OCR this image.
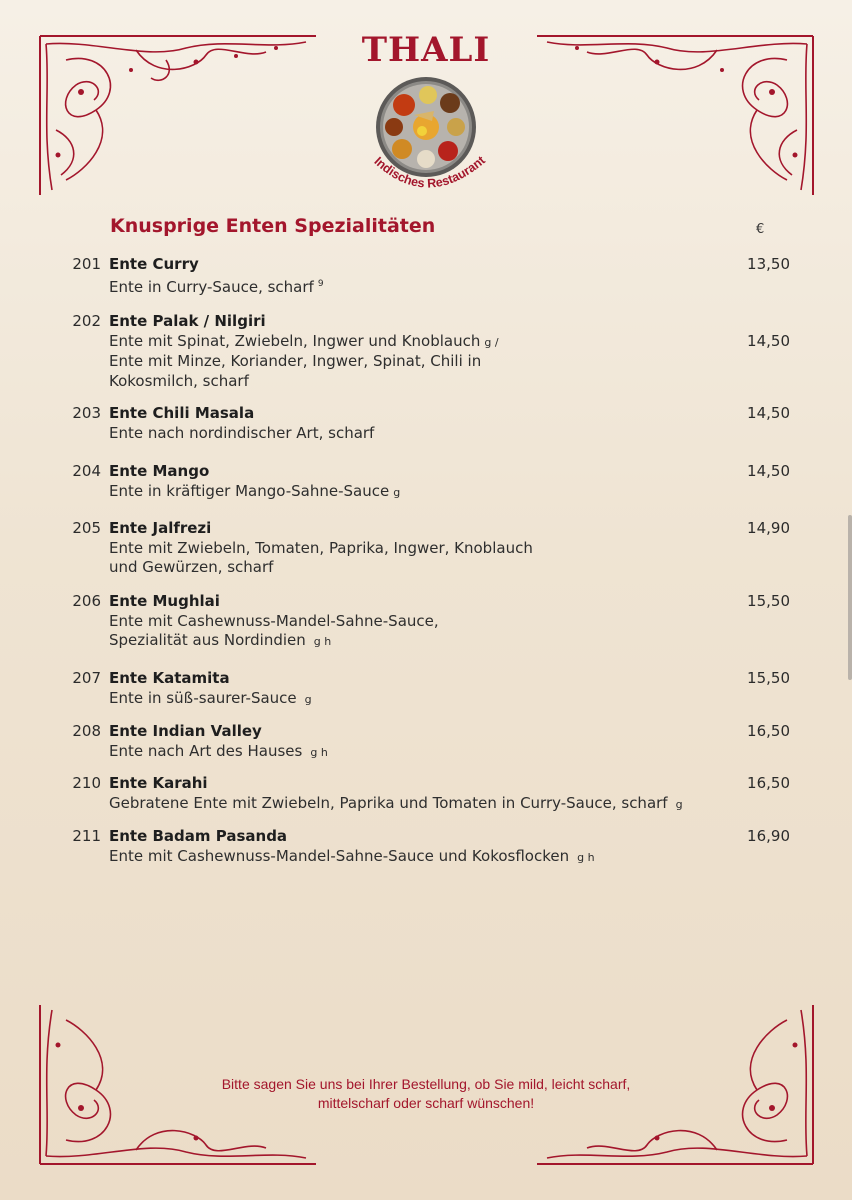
THALI
Indisches Restaurant
Knusprige Enten Spezialitäten	€
201 Ente Curry
Ente in Curry-Sauce, scharf $^9$
13,50
202 Ente Palak / Nilgiri
Ente mit Spinat, Zwiebeln, Ingwer und Knoblauch g /
Ente mit Minze, Koriander, Ingwer, Spinat, Chili in
Kokosmilch, scharf
14,50
203 Ente Chili Masala
Ente nach nordindischer Art, scharf
14,50
204 Ente Mango
Ente in kräftiger Mango-Sahne-Sauce g
14,50
205 Ente Jalfrezi
Ente mit Zwiebeln, Tomaten, Paprika, Ingwer, Knoblauch
und Gewürzen, scharf
14,90
206 Ente Mughlai
Ente mit Cashewnuss-Mandel-Sahne-Sauce,
Spezialität aus Nordindien g h
15,50
207 Ente Katamita
Ente in süß-saurer-Sauce g
15,50
208 Ente Indian Valley
Ente nach Art des Hauses g h
16,50
210 Ente Karahi
Gebratene Ente mit Zwiebeln, Paprika und Tomaten in Curry-Sauce, scharf g
16,50
211 Ente Badam Pasanda
Ente mit Cashewnuss-Mandel-Sahne-Sauce und Kokosflocken g h
16,90
Bitte sagen Sie uns bei Ihrer Bestellung, ob Sie mild, leicht scharf,
mittelscharf oder scharf wünschen!
